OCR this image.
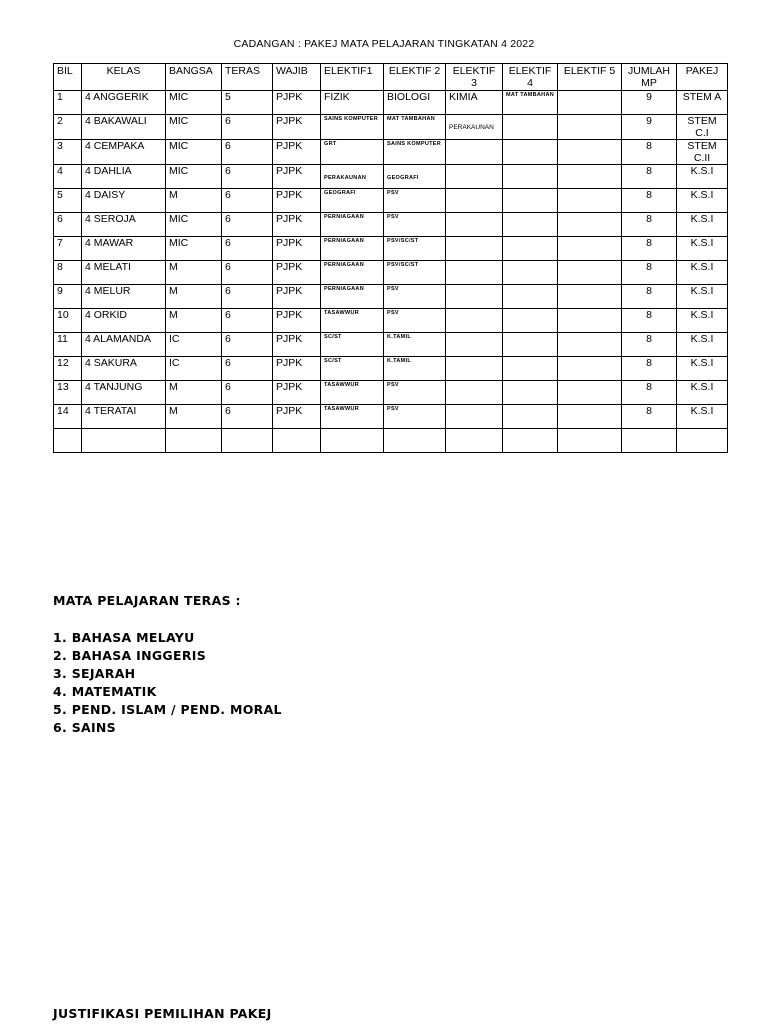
CADANGAN : PAKEJ MATA PELAJARAN TINGKATAN 4 2022
BIL	KELAS	BANGSA	TERAS	WAJIB	ELEKTIF1	ELEKTIF 2	ELEKTIF 3	ELEKTIF 4	ELEKTIF 5	JUMLAH MP	PAKEJ
1	4 ANGGERIK	MIC	5	PJPK	FIZIK	BIOLOGI	KIMIA	MAT TAMBAHAN		9	STEM A
2	4 BAKAWALI	MIC	6	PJPK	SAINS KOMPUTER	MAT TAMBAHAN	PERAKAUNAN			9	STEM C.I
3	4 CEMPAKA	MIC	6	PJPK	GRT	SAINS KOMPUTER				8	STEM C.II
4	4 DAHLIA	MIC	6	PJPK	PERAKAUNAN	GEOGRAFI				8	K.S.I
5	4 DAISY	M	6	PJPK	GEOGRAFI	PSV				8	K.S.I
6	4 SEROJA	MIC	6	PJPK	PERNIAGAAN	PSV				8	K.S.I
7	4 MAWAR	MIC	6	PJPK	PERNIAGAAN	PSV/SC/ST				8	K.S.I
8	4 MELATI	M	6	PJPK	PERNIAGAAN	PSV/SC/ST				8	K.S.I
9	4 MELUR	M	6	PJPK	PERNIAGAAN	PSV				8	K.S.I
10	4 ORKID	M	6	PJPK	TASAWWUR	PSV				8	K.S.I
11	4 ALAMANDA	IC	6	PJPK	SC/ST	K.TAMIL				8	K.S.I
12	4 SAKURA	IC	6	PJPK	SC/ST	K.TAMIL				8	K.S.I
13	4 TANJUNG	M	6	PJPK	TASAWWUR	PSV				8	K.S.I
14	4 TERATAI	M	6	PJPK	TASAWWUR	PSV				8	K.S.I

MATA PELAJARAN TERAS :
1. BAHASA MELAYU
2. BAHASA INGGERIS
3. SEJARAH
4. MATEMATIK
5. PEND. ISLAM / PEND. MORAL
6. SAINS
JUSTIFIKASI PEMILIHAN PAKEJ
